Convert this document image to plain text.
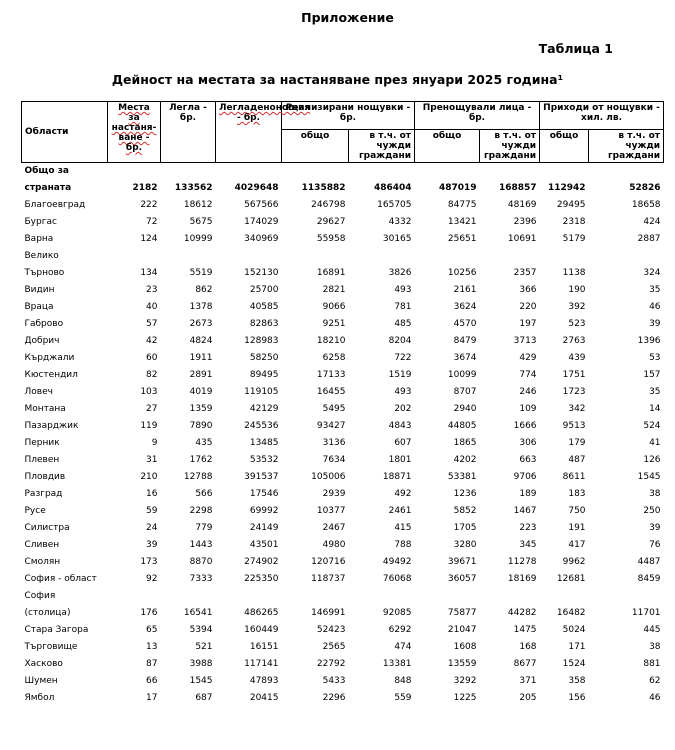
Приложение
Таблица 1
Дейност на местата за настаняване през януари 2025 година¹
Области	Места за настаня-ване - бр.	Легла - бр.	Легладенонощия - бр.	Реализирани нощувки - бр.		Пренощували лица - бр.		Приходи от нощувки - хил. лв.	
				общо	в т.ч. от чужди граждани	общо	в т.ч. от чужди граждани	общо	в т.ч. от чужди граждани
Общо за									
страната	2182	133562	4029648	1135882	486404	487019	168857	112942	52826
Благоевград	222	18612	567566	246798	165705	84775	48169	29495	18658
Бургас	72	5675	174029	29627	4332	13421	2396	2318	424
Варна	124	10999	340969	55958	30165	25651	10691	5179	2887
Велико									
Търново	134	5519	152130	16891	3826	10256	2357	1138	324
Видин	23	862	25700	2821	493	2161	366	190	35
Враца	40	1378	40585	9066	781	3624	220	392	46
Габрово	57	2673	82863	9251	485	4570	197	523	39
Добрич	42	4824	128983	18210	8204	8479	3713	2763	1396
Кърджали	60	1911	58250	6258	722	3674	429	439	53
Кюстендил	82	2891	89495	17133	1519	10099	774	1751	157
Ловеч	103	4019	119105	16455	493	8707	246	1723	35
Монтана	27	1359	42129	5495	202	2940	109	342	14
Пазарджик	119	7890	245536	93427	4843	44805	1666	9513	524
Перник	9	435	13485	3136	607	1865	306	179	41
Плевен	31	1762	53532	7634	1801	4202	663	487	126
Пловдив	210	12788	391537	105006	18871	53381	9706	8611	1545
Разград	16	566	17546	2939	492	1236	189	183	38
Русе	59	2298	69992	10377	2461	5852	1467	750	250
Силистра	24	779	24149	2467	415	1705	223	191	39
Сливен	39	1443	43501	4980	788	3280	345	417	76
Смолян	173	8870	274902	120716	49492	39671	11278	9962	4487
София - област	92	7333	225350	118737	76068	36057	18169	12681	8459
София									
(столица)	176	16541	486265	146991	92085	75877	44282	16482	11701
Стара Загора	65	5394	160449	52423	6292	21047	1475	5024	445
Търговище	13	521	16151	2565	474	1608	168	171	38
Хасково	87	3988	117141	22792	13381	13559	8677	1524	881
Шумен	66	1545	47893	5433	848	3292	371	358	62
Ямбол	17	687	20415	2296	559	1225	205	156	46
